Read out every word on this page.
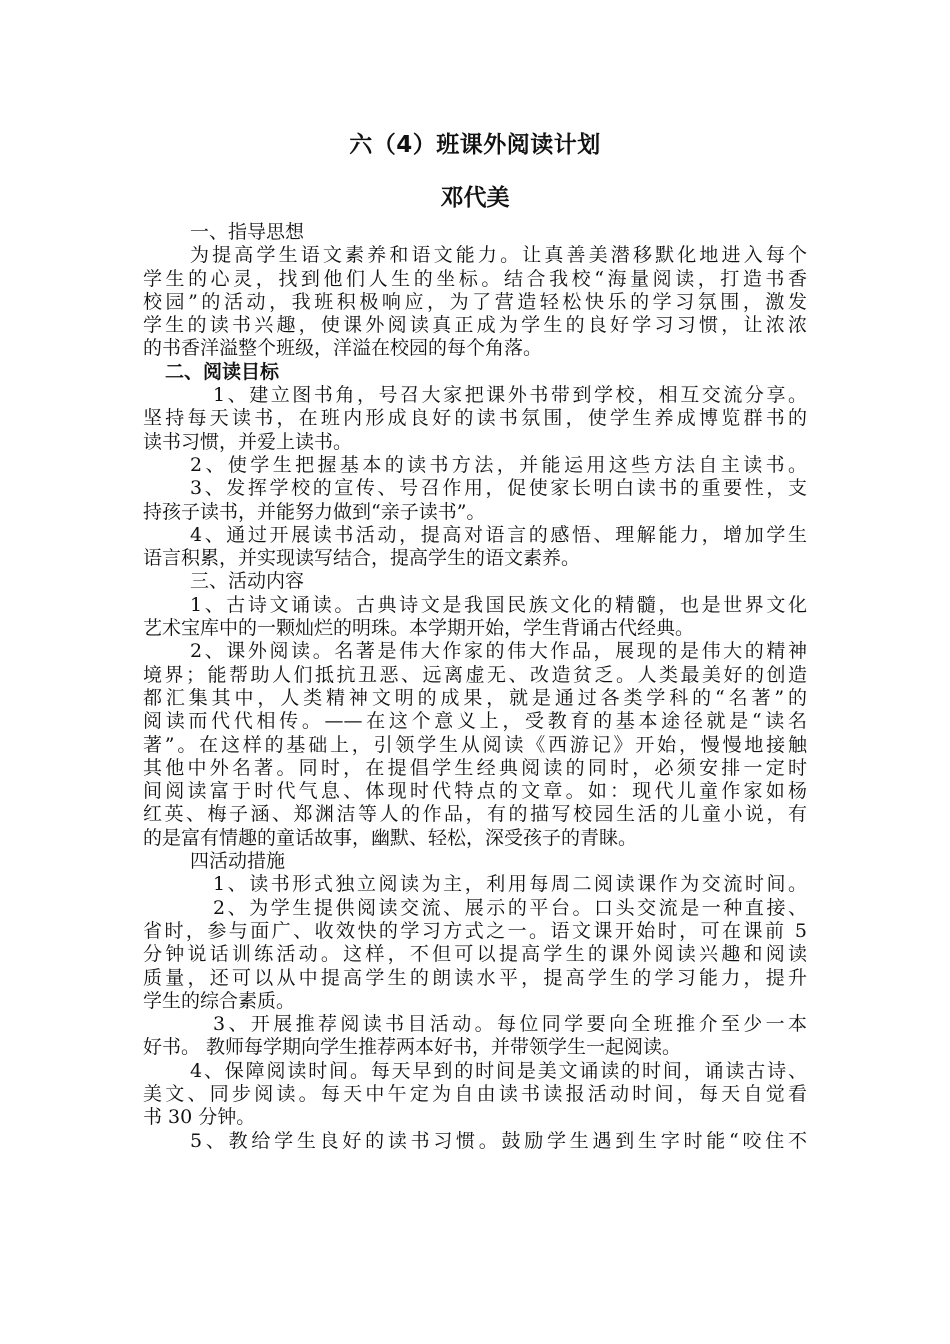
六（4）班课外阅读计划
邓代美
一、指导思想
为提高学生语文素养和语文能力。让真善美潜移默化地进入每个
学生的心灵，找到他们人生的坐标。结合我校“海量阅读，打造书香
校园”的活动，我班积极响应，为了营造轻松快乐的学习氛围，激发
学生的读书兴趣，使课外阅读真正成为学生的良好学习习惯，让浓浓
的书香洋溢整个班级，洋溢在校园的每个角落。
二、阅读目标
1、建立图书角，号召大家把课外书带到学校，相互交流分享。
坚持每天读书，在班内形成良好的读书氛围，使学生养成博览群书的
读书习惯，并爱上读书。
2、使学生把握基本的读书方法，并能运用这些方法自主读书。
3、发挥学校的宣传、号召作用，促使家长明白读书的重要性，支
持孩子读书，并能努力做到“亲子读书”。
4、通过开展读书活动，提高对语言的感悟、理解能力，增加学生
语言积累，并实现读写结合，提高学生的语文素养。
三、活动内容
1、古诗文诵读。古典诗文是我国民族文化的精髓，也是世界文化
艺术宝库中的一颗灿烂的明珠。本学期开始，学生背诵古代经典。
2、课外阅读。名著是伟大作家的伟大作品，展现的是伟大的精神
境界；能帮助人们抵抗丑恶、远离虚无、改造贫乏。人类最美好的创造
都汇集其中，人类精神文明的成果，就是通过各类学科的“名著”的
阅读而代代相传。——在这个意义上，受教育的基本途径就是“读名
著”。在这样的基础上，引领学生从阅读《西游记》开始，慢慢地接触
其他中外名著。同时，在提倡学生经典阅读的同时，必须安排一定时
间阅读富于时代气息、体现时代特点的文章。如：现代儿童作家如杨
红英、梅子涵、郑渊洁等人的作品，有的描写校园生活的儿童小说，有
的是富有情趣的童话故事，幽默、轻松，深受孩子的青睐。
四活动措施
1、读书形式独立阅读为主，利用每周二阅读课作为交流时间。
2、为学生提供阅读交流、展示的平台。口头交流是一种直接、
省时，参与面广、收效快的学习方式之一。语文课开始时，可在课前 5
分钟说话训练活动。这样，不但可以提高学生的课外阅读兴趣和阅读
质量，还可以从中提高学生的朗读水平，提高学生的学习能力，提升
学生的综合素质。
3、开展推荐阅读书目活动。每位同学要向全班推介至少一本
好书。 教师每学期向学生推荐两本好书，并带领学生一起阅读。
4、保障阅读时间。每天早到的时间是美文诵读的时间，诵读古诗、
美文、同步阅读。每天中午定为自由读书读报活动时间，每天自觉看
书 30 分钟。
5、教给学生良好的读书习惯。鼓励学生遇到生字时能“咬住不
